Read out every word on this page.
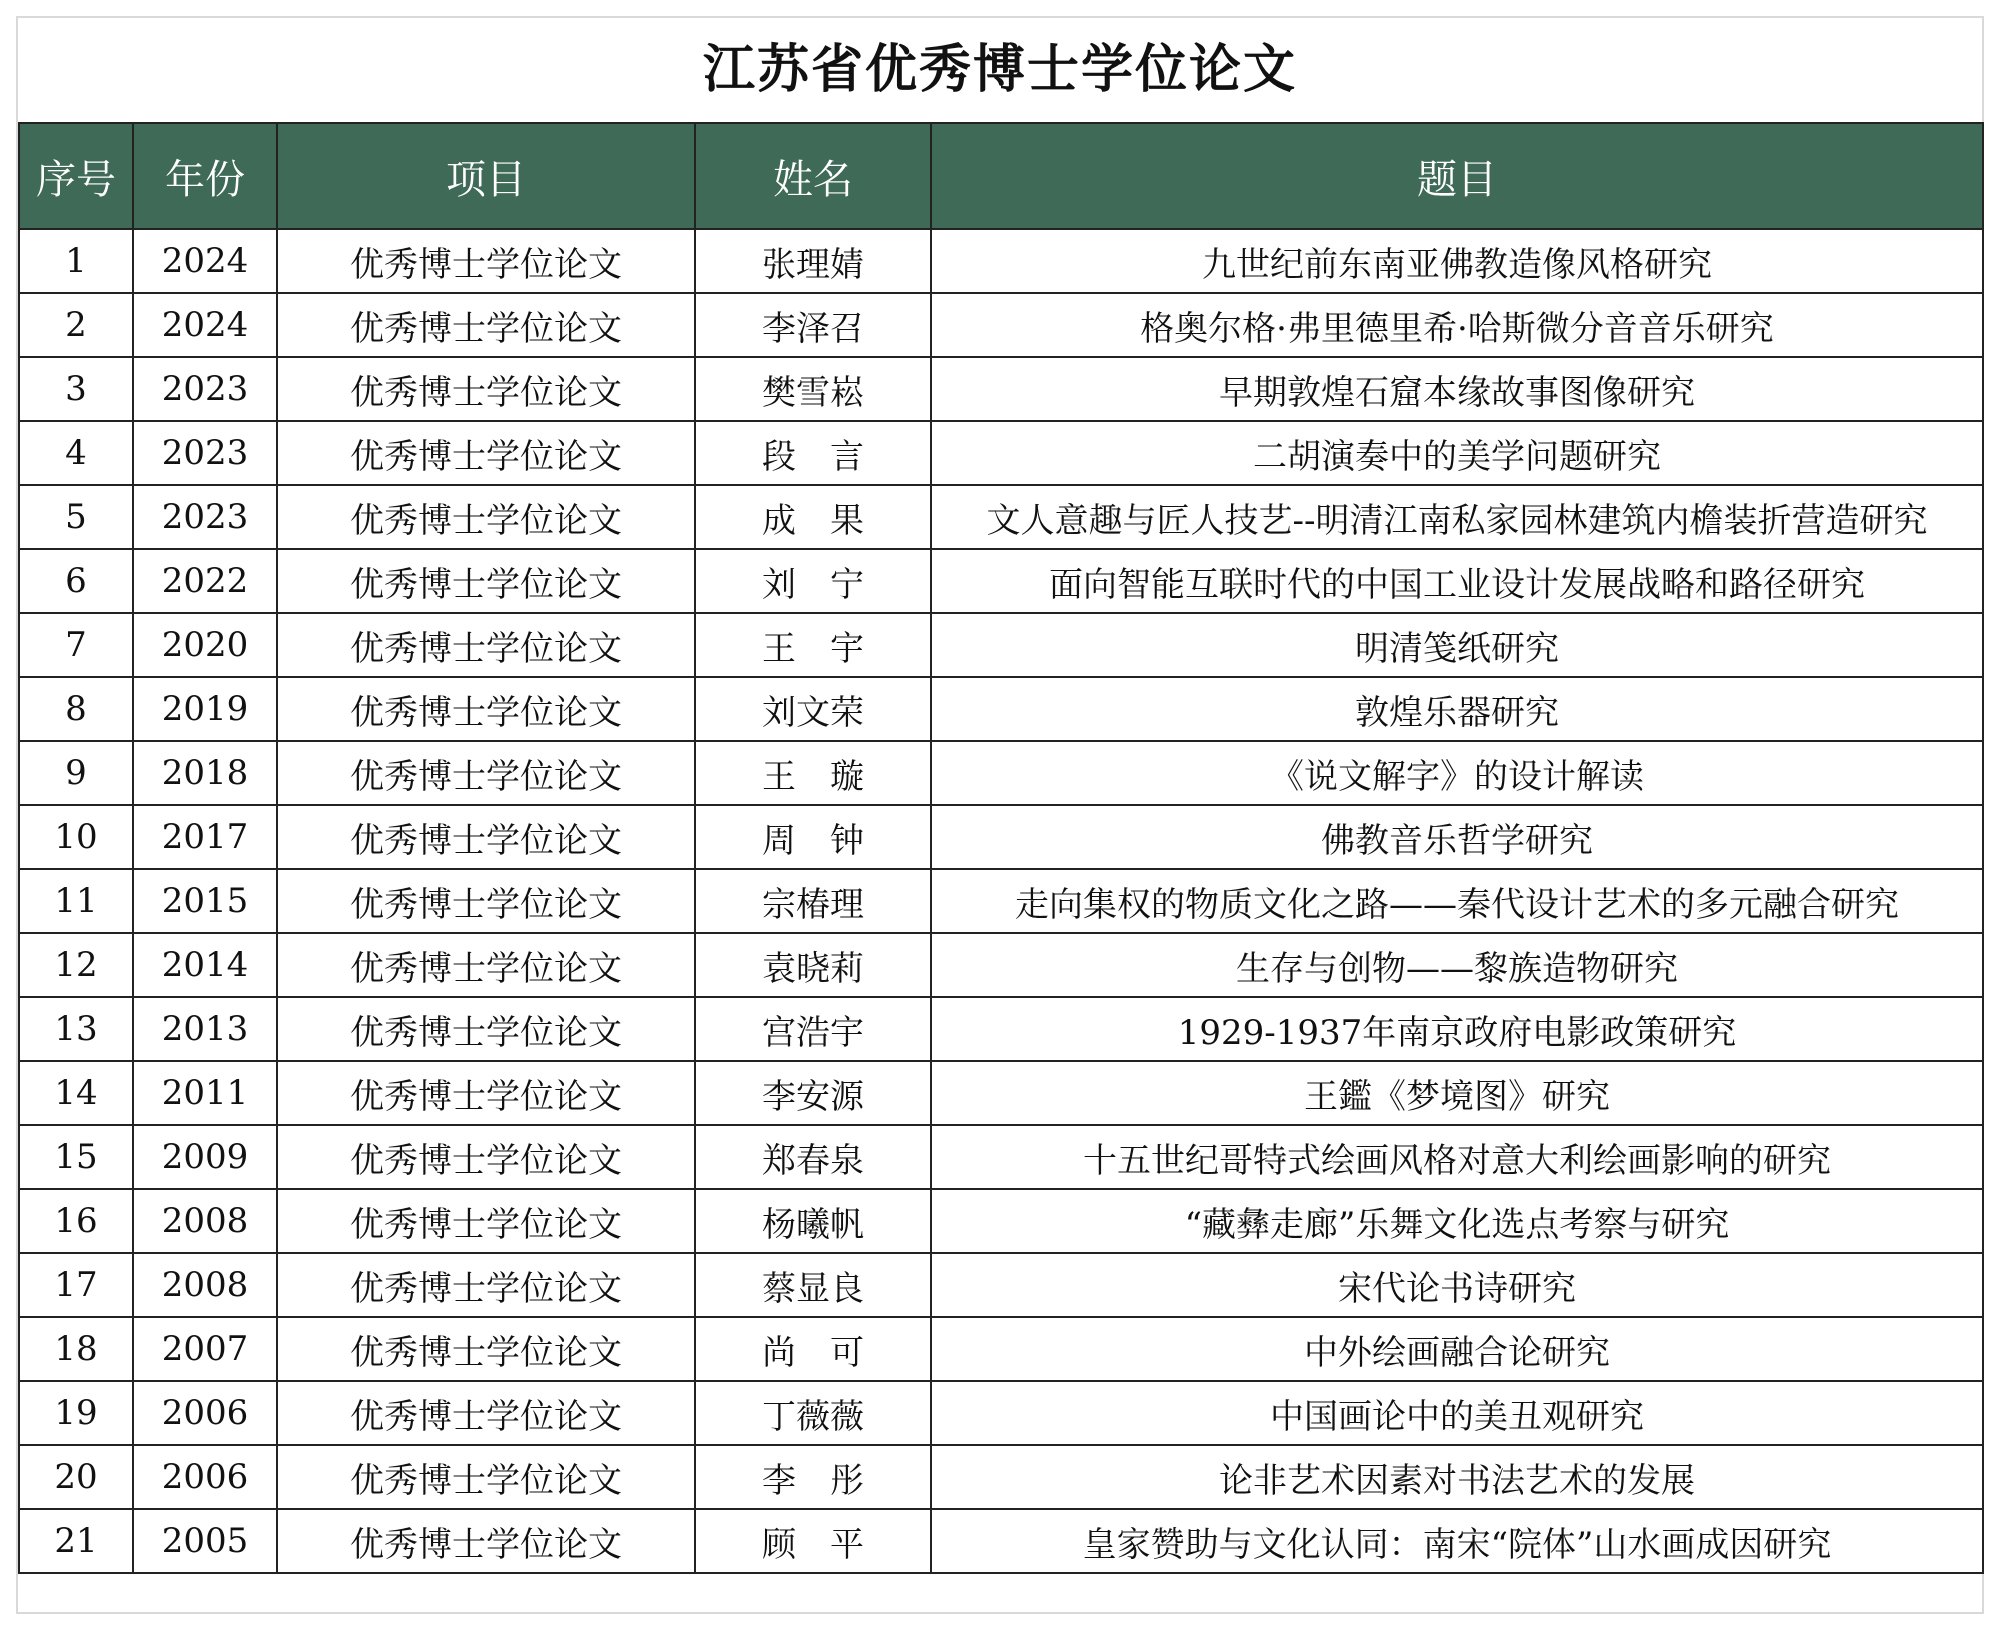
江苏省优秀博士学位论文
序号	年份	项目	姓名	题目
1	2024	优秀博士学位论文	张理婧	九世纪前东南亚佛教造像风格研究
2	2024	优秀博士学位论文	李泽召	格奥尔格·弗里德里希·哈斯微分音音乐研究
3	2023	优秀博士学位论文	樊雪崧	早期敦煌石窟本缘故事图像研究
4	2023	优秀博士学位论文	段　言	二胡演奏中的美学问题研究
5	2023	优秀博士学位论文	成　果	文人意趣与匠人技艺--明清江南私家园林建筑内檐装折营造研究
6	2022	优秀博士学位论文	刘　宁	面向智能互联时代的中国工业设计发展战略和路径研究
7	2020	优秀博士学位论文	王　宇	明清笺纸研究
8	2019	优秀博士学位论文	刘文荣	敦煌乐器研究
9	2018	优秀博士学位论文	王　璇	《说文解字》的设计解读
10	2017	优秀博士学位论文	周　钟	佛教音乐哲学研究
11	2015	优秀博士学位论文	宗椿理	走向集权的物质文化之路——秦代设计艺术的多元融合研究
12	2014	优秀博士学位论文	袁晓莉	生存与创物——黎族造物研究
13	2013	优秀博士学位论文	宫浩宇	1929-1937年南京政府电影政策研究
14	2011	优秀博士学位论文	李安源	王鑑《梦境图》研究
15	2009	优秀博士学位论文	郑春泉	十五世纪哥特式绘画风格对意大利绘画影响的研究
16	2008	优秀博士学位论文	杨曦帆	“藏彝走廊”乐舞文化选点考察与研究
17	2008	优秀博士学位论文	蔡显良	宋代论书诗研究
18	2007	优秀博士学位论文	尚　可	中外绘画融合论研究
19	2006	优秀博士学位论文	丁薇薇	中国画论中的美丑观研究
20	2006	优秀博士学位论文	李　彤	论非艺术因素对书法艺术的发展
21	2005	优秀博士学位论文	顾　平	皇家赞助与文化认同：南宋“院体”山水画成因研究
